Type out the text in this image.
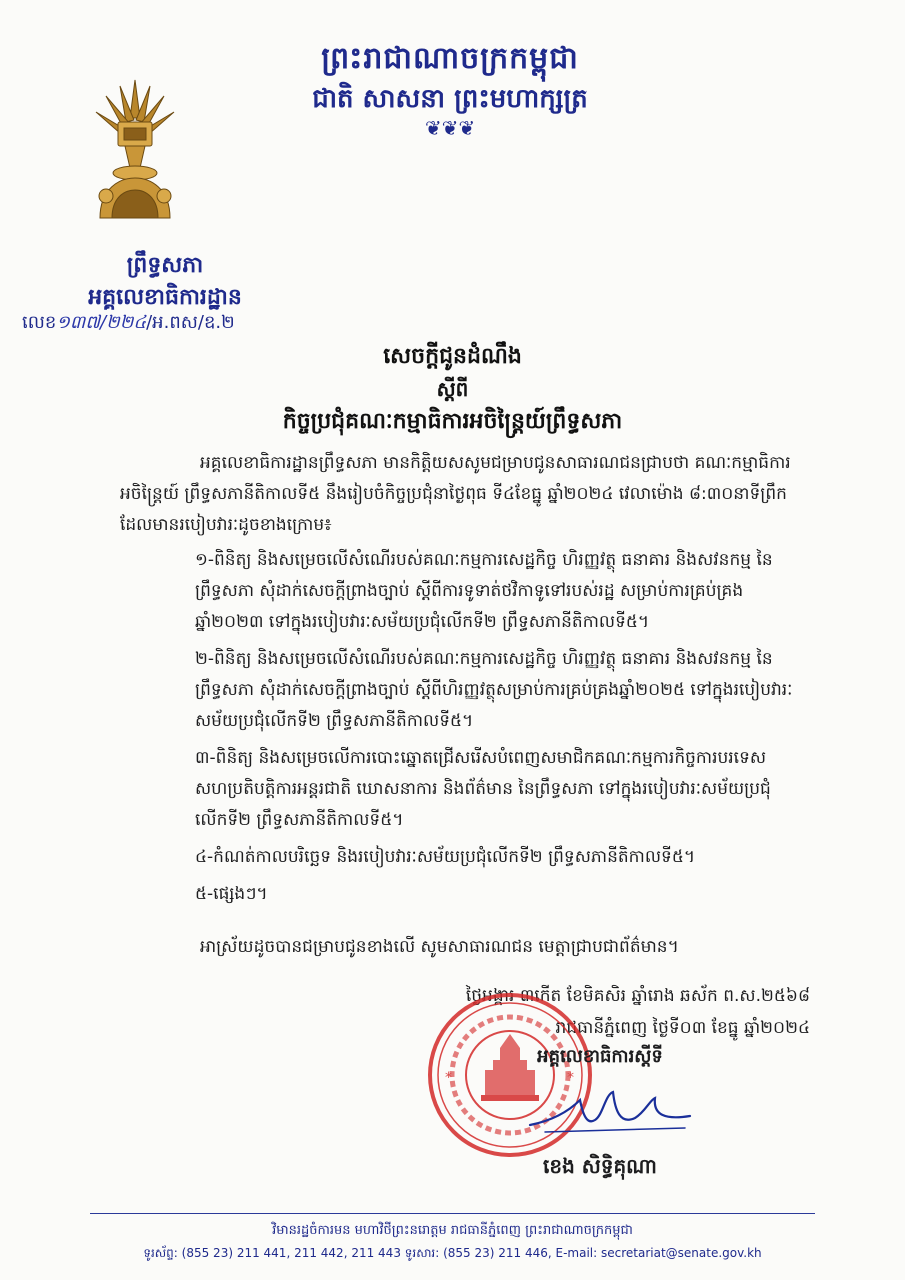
ព្រះរាជាណាចក្រកម្ពុជា
ជាតិ សាសនា ព្រះមហាក្សត្រ
❦❦❦
ព្រឹទ្ធសភា
អគ្គលេខាធិការដ្ឋាន
លេខ១៣៧/២២៤/អ.ពស/ឧ.២
សេចក្តីជូនដំណឹង
ស្តីពី
កិច្ចប្រជុំគណៈកម្មាធិការអចិន្ត្រៃយ៍ព្រឹទ្ធសភា

អគ្គលេខាធិការដ្ឋានព្រឹទ្ធសភា មានកិត្តិយសសូមជម្រាបជូនសាធារណជនជ្រាបថា គណៈកម្មាធិការអចិន្ត្រៃយ៍ ព្រឹទ្ធសភានីតិកាលទី៥ នឹងរៀបចំកិច្ចប្រជុំនាថ្ងៃពុធ ទី៤ខែធ្នូ ឆ្នាំ២០២៤ វេលាម៉ោង ៨:៣០នាទីព្រឹក ដែលមានរបៀបវារៈដូចខាងក្រោម៖

១-ពិនិត្យ និងសម្រេចលើសំណើរបស់គណៈកម្មការសេដ្ឋកិច្ច ហិរញ្ញវត្ថុ ធនាគារ និងសវនកម្ម នៃព្រឹទ្ធសភា សុំដាក់សេចក្តីព្រាងច្បាប់ ស្តីពីការទូទាត់ថវិកាទូទៅរបស់រដ្ឋ សម្រាប់ការគ្រប់គ្រងឆ្នាំ២០២៣ ទៅក្នុងរបៀបវារៈសម័យប្រជុំលើកទី២ ព្រឹទ្ធសភានីតិកាលទី៥។
២-ពិនិត្យ និងសម្រេចលើសំណើរបស់គណៈកម្មការសេដ្ឋកិច្ច ហិរញ្ញវត្ថុ ធនាគារ និងសវនកម្ម នៃព្រឹទ្ធសភា សុំដាក់សេចក្តីព្រាងច្បាប់ ស្តីពីហិរញ្ញវត្ថុសម្រាប់ការគ្រប់គ្រងឆ្នាំ២០២៥ ទៅក្នុងរបៀបវារៈសម័យប្រជុំលើកទី២ ព្រឹទ្ធសភានីតិកាលទី៥។
៣-ពិនិត្យ និងសម្រេចលើការបោះឆ្នោតជ្រើសរើសបំពេញសមាជិកគណៈកម្មការកិច្ចការបរទេស សហប្រតិបត្តិការអន្តរជាតិ ឃោសនាការ និងព័ត៌មាន នៃព្រឹទ្ធសភា ទៅក្នុងរបៀបវារៈសម័យប្រជុំលើកទី២ ព្រឹទ្ធសភានីតិកាលទី៥។
៤-កំណត់កាលបរិច្ឆេទ និងរបៀបវារៈសម័យប្រជុំលើកទី២ ព្រឹទ្ធសភានីតិកាលទី៥។
៥-ផ្សេងៗ។
អាស្រ័យដូចបានជម្រាបជូនខាងលើ សូមសាធារណជន មេត្តាជ្រាបជាព័ត៌មាន។
ថ្ងៃអង្គារ ៣កើត ខែមិគសិរ ឆ្នាំរោង ឆស័ក ព.ស.២៥៦៨
រាជធានីភ្នំពេញ ថ្ងៃទី០៣ ខែធ្នូ ឆ្នាំ២០២៤
*	*
អគ្គលេខាធិការស្តីទី
ខេង សិទ្ធិគុណា
វិមានរដ្ឋចំការមន មហាវិថីព្រះនរោត្តម រាជធានីភ្នំពេញ ព្រះរាជាណាចក្រកម្ពុជា
ទូរស័ព្ទ: (855 23) 211 441, 211 442, 211 443 ទូរសារ: (855 23) 211 446, E-mail: secretariat@senate.gov.kh
